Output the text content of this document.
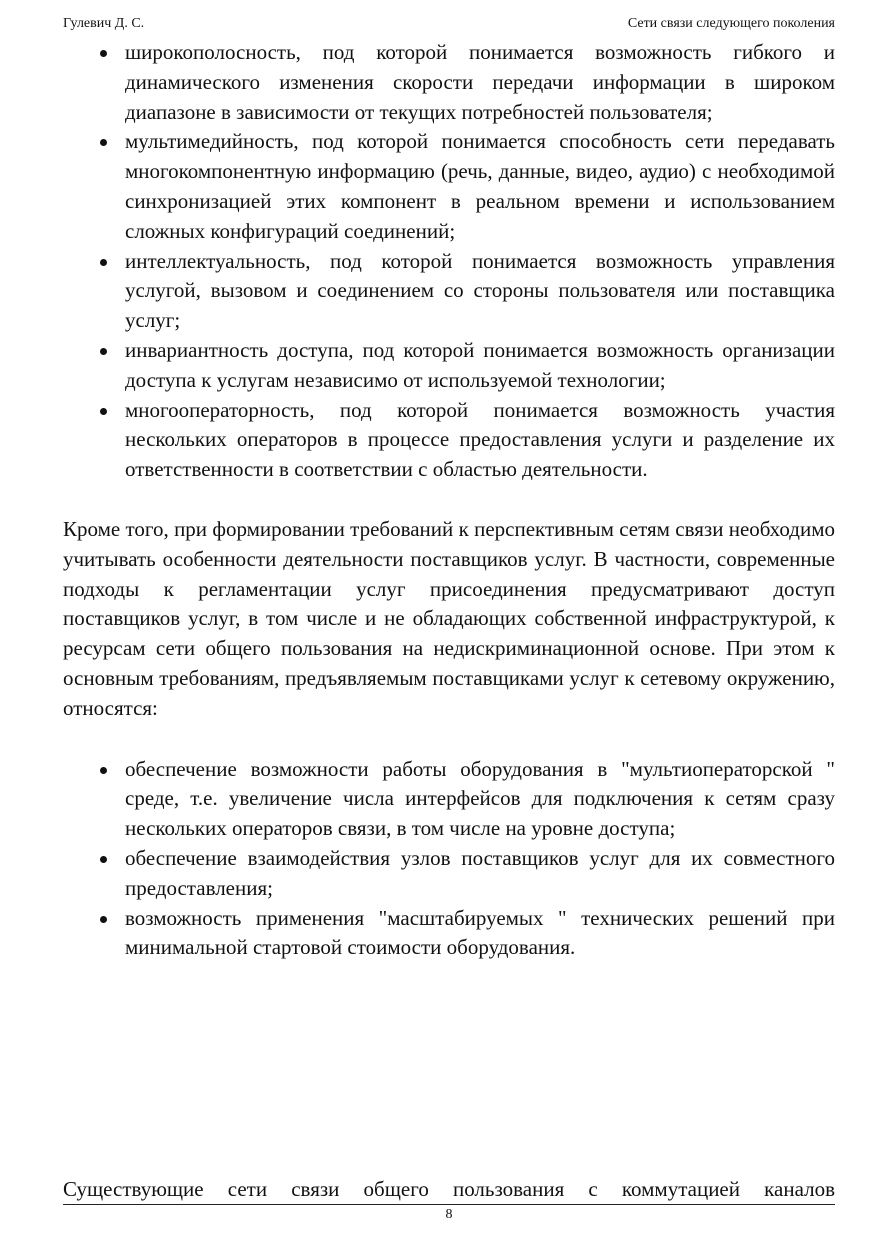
Гулевич Д. С.	Сети связи следующего поколения
широкополосность, под которой понимается возможность гибкого и динамического изменения скорости передачи информации в широком диапазоне в зависимости от текущих потребностей пользователя;
мультимедийность, под которой понимается способность сети передавать многокомпонентную информацию (речь, данные, видео, аудио) с необходимой синхронизацией этих компонент в реальном времени и использованием сложных конфигураций соединений;
интеллектуальность, под которой понимается возможность управления услугой, вызовом и соединением со стороны пользователя или поставщика услуг;
инвариантность доступа, под которой понимается возможность организации доступа к услугам независимо от используемой технологии;
многооператорность, под которой понимается возможность участия нескольких операторов в процессе предоставления услуги и разделение их ответственности в соответствии с областью деятельности.

Кроме того, при формировании требований к перспективным сетям связи необходимо учитывать особенности деятельности поставщиков услуг. В частности, современные подходы к регламентации услуг присоединения предусматривают доступ поставщиков услуг, в том числе и не обладающих собственной инфраструктурой, к ресурсам сети общего пользования на недискриминационной основе. При этом к основным требованиям, предъявляемым поставщиками услуг к сетевому окружению, относятся:

обеспечение возможности работы оборудования в "мультиоператорской " среде, т.е. увеличение числа интерфейсов для подключения к сетям сразу нескольких операторов связи, в том числе на уровне доступа;
обеспечение взаимодействия узлов поставщиков услуг для их совместного предоставления;
возможность применения "масштабируемых " технических решений при минимальной стартовой стоимости оборудования.
Существующие сети связи общего пользования с коммутацией каналов
8
